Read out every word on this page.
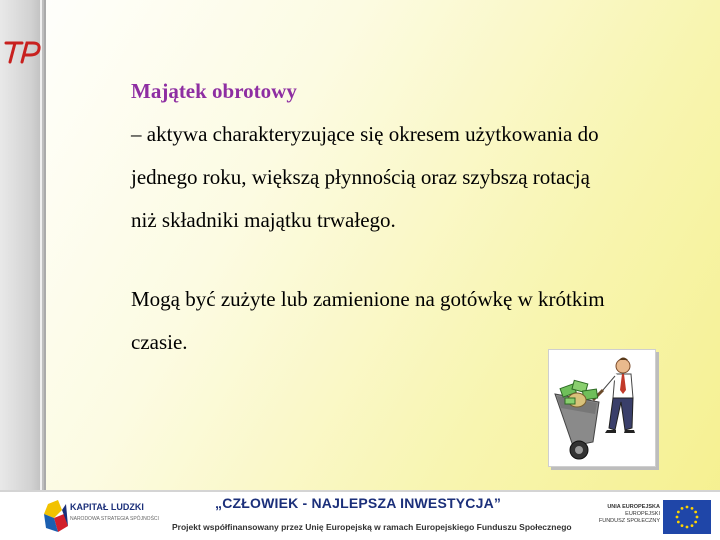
Majątek obrotowy
– aktywa charakteryzujące się okresem użytkowania do
jednego roku, większą płynnością oraz szybszą rotacją
niż składniki majątku trwałego.
Mogą być zużyte lub zamienione na gotówkę w krótkim
czasie.
KAPITAŁ LUDZKI
NARODOWA STRATEGIA SPÓJNOŚCI
„CZŁOWIEK - NAJLEPSZA INWESTYCJA”
Projekt współfinansowany przez Unię Europejską w ramach Europejskiego Funduszu Społecznego
UNIA EUROPEJSKA
EUROPEJSKI
FUNDUSZ SPOŁECZNY
